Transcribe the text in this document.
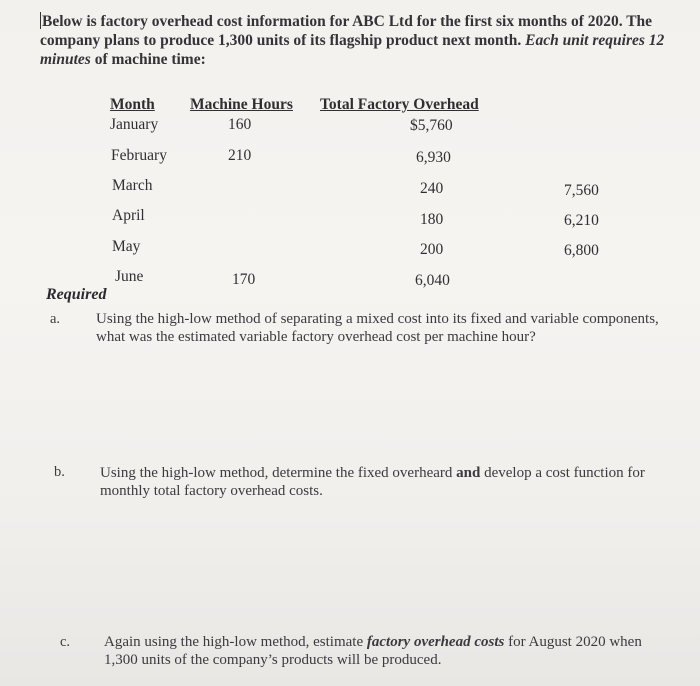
Below is factory overhead cost information for ABC Ltd for the first six months of 2020. The
company plans to produce 1,300 units of its flagship product next month. Each unit requires 12
minutes of machine time:
Month Machine Hours Total Factory Overhead
January	160	$5,760
February	210	6,930
March	240	7,560
April	180	6,210
May	200	6,800
June	170	6,040
Required
a. Using the high-low method of separating a mixed cost into its fixed and variable components, what was the estimated variable factory overhead cost per machine hour?
b. Using the high-low method, determine the fixed overheard and develop a cost function for monthly total factory overhead costs.
c. Again using the high-low method, estimate factory overhead costs for August 2020 when 1,300 units of the company’s products will be produced.
